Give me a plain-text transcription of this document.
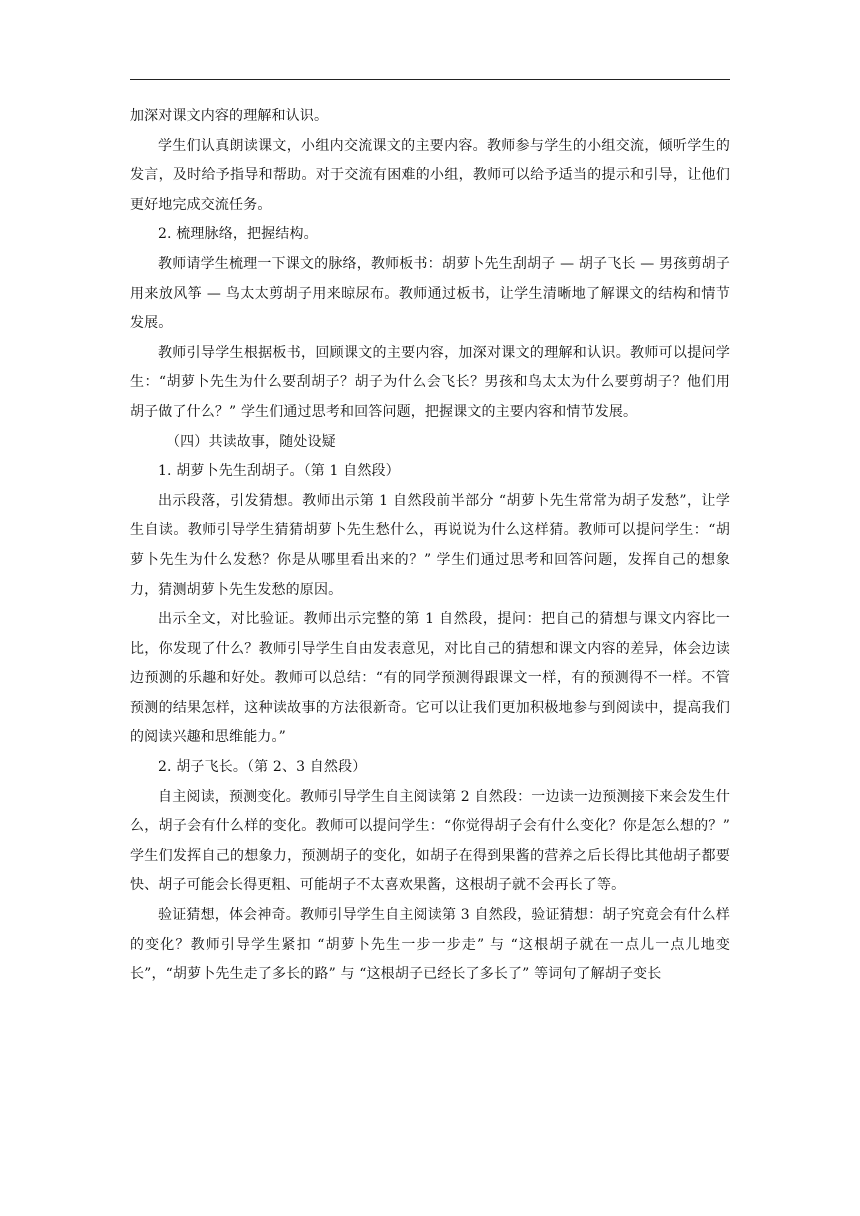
加深对课文内容的理解和认识。

学生们认真朗读课文，小组内交流课文的主要内容。教师参与学生的小组交流，倾听学生的发言，及时给予指导和帮助。对于交流有困难的小组，教师可以给予适当的提示和引导，让他们更好地完成交流任务。

2. 梳理脉络，把握结构。

教师请学生梳理一下课文的脉络，教师板书：胡萝卜先生刮胡子 — 胡子飞长 — 男孩剪胡子用来放风筝 — 鸟太太剪胡子用来晾尿布。教师通过板书，让学生清晰地了解课文的结构和情节发展。

教师引导学生根据板书，回顾课文的主要内容，加深对课文的理解和认识。教师可以提问学生：“胡萝卜先生为什么要刮胡子？胡子为什么会飞长？男孩和鸟太太为什么要剪胡子？他们用胡子做了什么？” 学生们通过思考和回答问题，把握课文的主要内容和情节发展。

（四）共读故事，随处设疑

1. 胡萝卜先生刮胡子。（第 1 自然段）

出示段落，引发猜想。教师出示第 1 自然段前半部分 “胡萝卜先生常常为胡子发愁”，让学生自读。教师引导学生猜猜胡萝卜先生愁什么，再说说为什么这样猜。教师可以提问学生：“胡萝卜先生为什么发愁？你是从哪里看出来的？” 学生们通过思考和回答问题，发挥自己的想象力，猜测胡萝卜先生发愁的原因。

出示全文，对比验证。教师出示完整的第 1 自然段，提问：把自己的猜想与课文内容比一比，你发现了什么？教师引导学生自由发表意见，对比自己的猜想和课文内容的差异，体会边读边预测的乐趣和好处。教师可以总结：“有的同学预测得跟课文一样，有的预测得不一样。不管预测的结果怎样，这种读故事的方法很新奇。它可以让我们更加积极地参与到阅读中，提高我们的阅读兴趣和思维能力。”

2. 胡子飞长。（第 2、3 自然段）

自主阅读，预测变化。教师引导学生自主阅读第 2 自然段：一边读一边预测接下来会发生什么，胡子会有什么样的变化。教师可以提问学生：“你觉得胡子会有什么变化？你是怎么想的？” 学生们发挥自己的想象力，预测胡子的变化，如胡子在得到果酱的营养之后长得比其他胡子都要快、胡子可能会长得更粗、可能胡子不太喜欢果酱，这根胡子就不会再长了等。

验证猜想，体会神奇。教师引导学生自主阅读第 3 自然段，验证猜想：胡子究竟会有什么样的变化？教师引导学生紧扣 “胡萝卜先生一步一步走” 与 “这根胡子就在一点儿一点儿地变长”，“胡萝卜先生走了多长的路” 与 “这根胡子已经长了多长了” 等词句了解胡子变长
